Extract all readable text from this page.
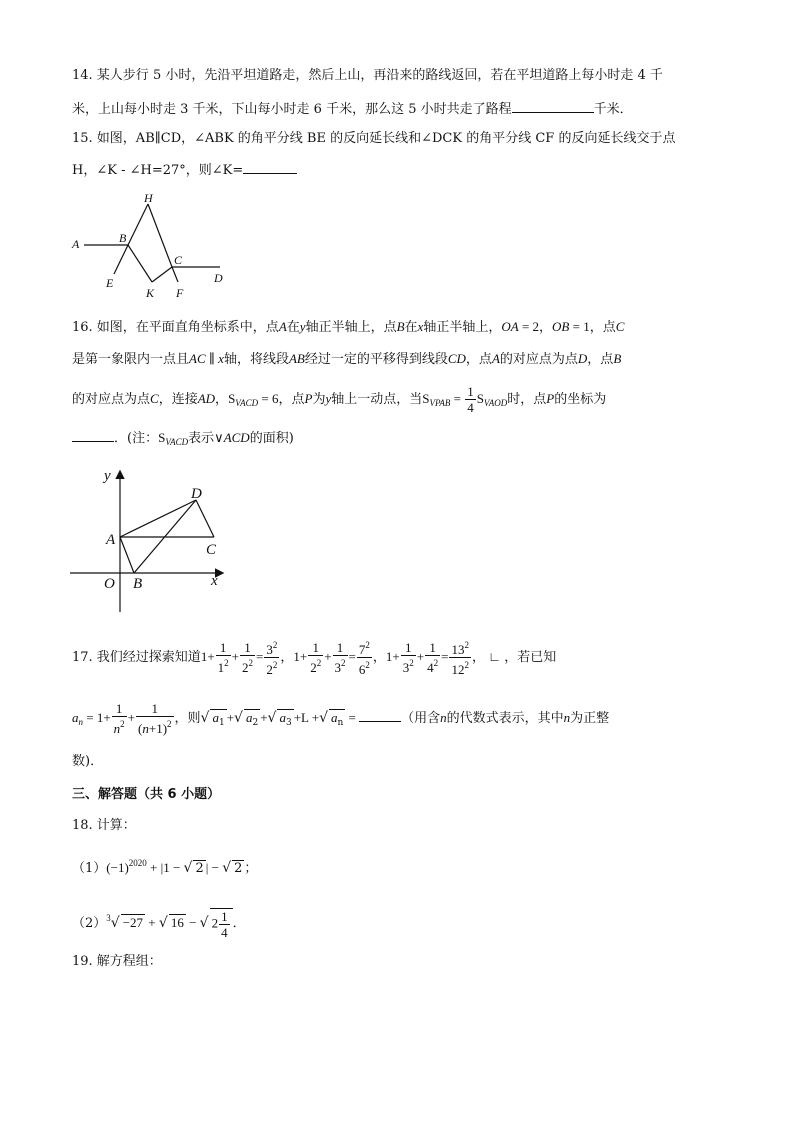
14. 某人步行 5 小时，先沿平坦道路走，然后上山，再沿来的路线返回，若在平坦道路上每小时走 4 千
米，上山每小时走 3 千米，下山每小时走 6 千米，那么这 5 小时共走了路程	千米．
15. 如图，AB∥CD，∠ABK 的角平分线 BE 的反向延长线和∠DCK 的角平分线 CF 的反向延长线交于点
H，∠K - ∠H=27°，则∠K=
H
A	B
C
D
E
K F
16. 如图，在平面直角坐标系中，点A在y轴正半轴上，点B在x轴正半轴上，OA = 2，OB = 1，点C
是第一象限内一点且AC ∥ x轴，将线段AB经过一定的平移得到线段CD，点A的对应点为点D，点B
的对应点为点C，连接AD，$S_{VACD} = 6$，点P为y轴上一动点，当$S_{VPAB} = \frac{1}{4} S_{VAOD}$时，点P的坐标为
．(注：$S_{VACD}$表示∨ACD的面积)
y
D
A
C
O B	x
17. 我们经过探索知道$1+ \frac{1}{1^2} + \frac{1}{2^2} = \frac{3^2}{2^2}$ ，$1+ \frac{1}{2^2} + \frac{1}{3^2} = \frac{7^2}{6^2}$ ，$1+ \frac{1}{3^2} + \frac{1}{4^2} = \frac{13^2}{12^2}$ ， ∟ ，若已知
$a_n = 1+ \frac{1}{n^2} + \frac{1}{(n+1)^2}$ ，则√ $a_1$ +√ $a_2$ +√ $a_3 +L$ +√ $a_n$ =	（用含n的代数式表示，其中n为正整
数)．
三、解答题（共 6 小题）
18. 计算：
$(1)(-1)^{2020} + |1$ − √ 2 | − √ 2 ；
$(2)^3√ -27$ + √ 16 − √ $2 \frac{1}{4}$ ．
19. 解方程组：
